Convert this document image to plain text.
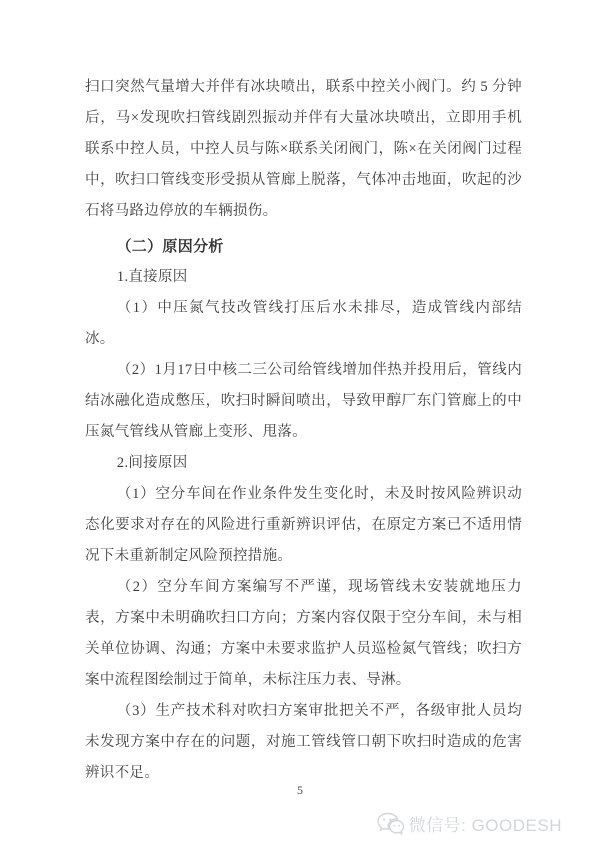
扫口突然气量增大并伴有冰块喷出，联系中控关小阀门。约 5 分钟后，马×发现吹扫管线剧烈振动并伴有大量冰块喷出，立即用手机联系中控人员，中控人员与陈×联系关闭阀门，陈×在关闭阀门过程中，吹扫口管线变形受损从管廊上脱落，气体冲击地面，吹起的沙石将马路边停放的车辆损伤。

（二）原因分析

1.直接原因

（1）中压氮气技改管线打压后水未排尽，造成管线内部结冰。

（2）1月17日中核二三公司给管线增加伴热并投用后，管线内结冰融化造成憋压，吹扫时瞬间喷出，导致甲醇厂东门管廊上的中压氮气管线从管廊上变形、甩落。

2.间接原因

（1）空分车间在作业条件发生变化时，未及时按风险辨识动态化要求对存在的风险进行重新辨识评估，在原定方案已不适用情况下未重新制定风险预控措施。

（2）空分车间方案编写不严谨，现场管线未安装就地压力表，方案中未明确吹扫口方向；方案内容仅限于空分车间，未与相关单位协调、沟通；方案中未要求监护人员巡检氮气管线；吹扫方案中流程图绘制过于简单，未标注压力表、导淋。

（3）生产技术科对吹扫方案审批把关不严，各级审批人员均未发现方案中存在的问题，对施工管线管口朝下吹扫时造成的危害辨识不足。

5
微信号: GOODESH
